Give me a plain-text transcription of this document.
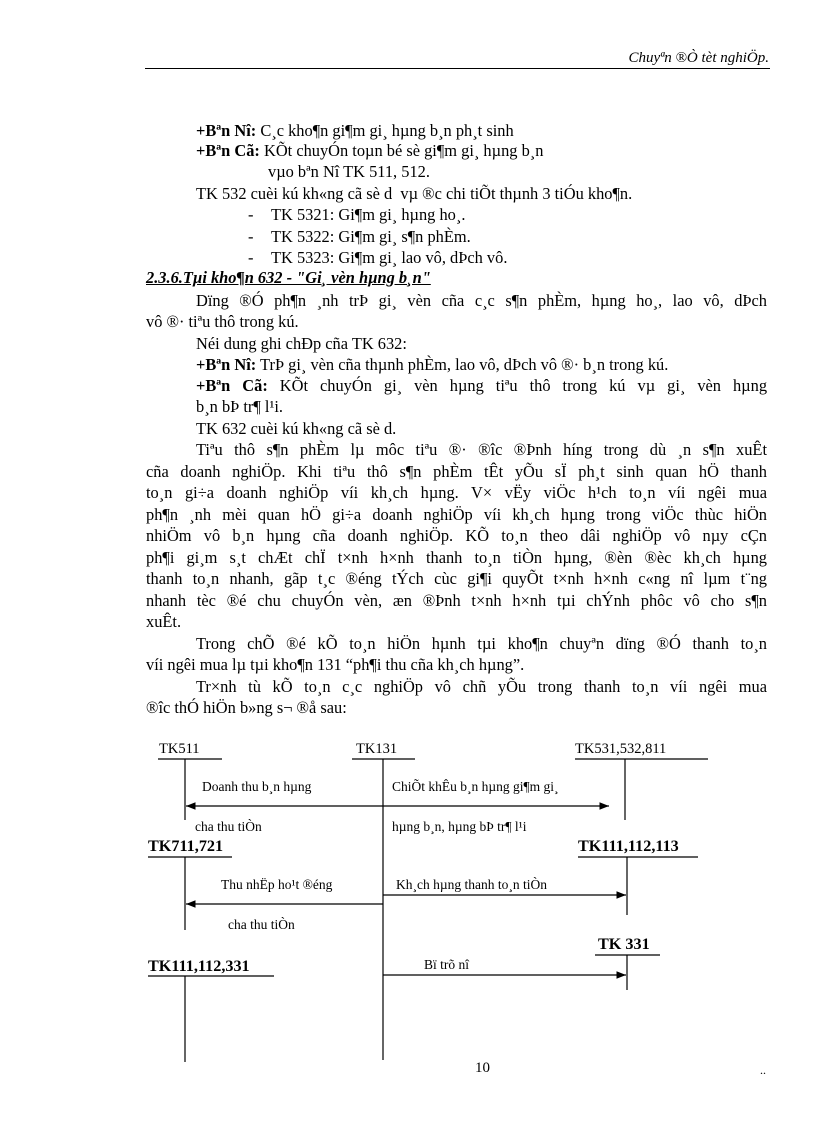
Chuyªn ®Ò tèt nghiÖp.
+Bªn Nî: C¸c kho¶n gi¶m gi¸ hµng b¸n ph¸t sinh
+Bªn Cã: KÕt chuyÓn toµn bé sè gi¶m gi¸ hµng b¸n
vµo bªn Nî TK 511, 512.
TK 532 cuèi kú kh«ng cã sè d  vµ ®c chi tiÕt thµnh 3 tiÓu kho¶n.
- TK 5321: Gi¶m gi¸ hµng ho¸.
- TK 5322: Gi¶m gi¸ s¶n phÈm.
- TK 5323: Gi¶m gi¸ lao vô, dÞch vô.
2.3.6.Tµi kho¶n 632 - "Gi¸ vèn hµng b¸n"
Dïng ®Ó ph¶n ¸nh trÞ gi¸ vèn cña c¸c s¶n phÈm, hµng ho¸, lao vô, dÞch
vô ®· tiªu thô trong kú.
Néi dung ghi chÐp cña TK 632:
+Bªn Nî: TrÞ gi¸ vèn cña thµnh phÈm, lao vô, dÞch vô ®· b¸n trong kú.
+Bªn Cã: KÕt chuyÓn gi¸ vèn hµng tiªu thô trong kú vµ gi¸ vèn hµng
b¸n bÞ tr¶ l¹i.
TK 632 cuèi kú kh«ng cã sè d.
Tiªu thô s¶n phÈm lµ môc tiªu ®· ®îc ®Þnh híng trong dù ¸n s¶n xuÊt
cña doanh nghiÖp. Khi tiªu thô s¶n phÈm tÊt yÕu sÏ ph¸t sinh quan hÖ thanh
to¸n gi÷a doanh nghiÖp víi kh¸ch hµng. V× vËy viÖc h¹ch to¸n víi ngêi mua
ph¶n ¸nh mèi quan hÖ gi÷a doanh nghiÖp víi kh¸ch hµng trong viÖc thùc hiÖn
nhiÖm vô b¸n hµng cña doanh nghiÖp. KÕ to¸n theo dâi nghiÖp vô nµy cÇn
ph¶i gi¸m s¸t chÆt chÏ t×nh h×nh thanh to¸n tiÒn hµng, ®èn ®èc kh¸ch hµng
thanh to¸n nhanh, gãp t¸c ®éng tÝch cùc gi¶i quyÕt t×nh h×nh c«ng nî lµm t¨ng
nhanh tèc ®é chu chuyÓn vèn, æn ®Þnh t×nh h×nh tµi chÝnh phôc vô cho s¶n
xuÊt.
Trong chÕ ®é kÕ to¸n hiÖn hµnh tµi kho¶n chuyªn dïng ®Ó thanh to¸n
víi ngêi mua lµ tµi kho¶n 131 “ph¶i thu cña kh¸ch hµng”.
Tr×nh tù kÕ to¸n c¸c nghiÖp vô chñ yÕu trong thanh to¸n víi ngêi mua
®îc thÓ hiÖn b»ng s¬ ®å sau:
TK511	TK131	TK531,532,811
TK711,721	TK111,112,113
TK 331
TK111,112,331
Doanh thu b¸n hµng
cha thu tiÒn
ChiÕt khÊu b¸n hµng gi¶m gi¸
hµng b¸n, hµng bÞ tr¶ l¹i
Thu nhËp ho¹t ®éng
cha thu tiÒn
Kh¸ch hµng thanh to¸n tiÒn
Bï trõ nî
10	..
